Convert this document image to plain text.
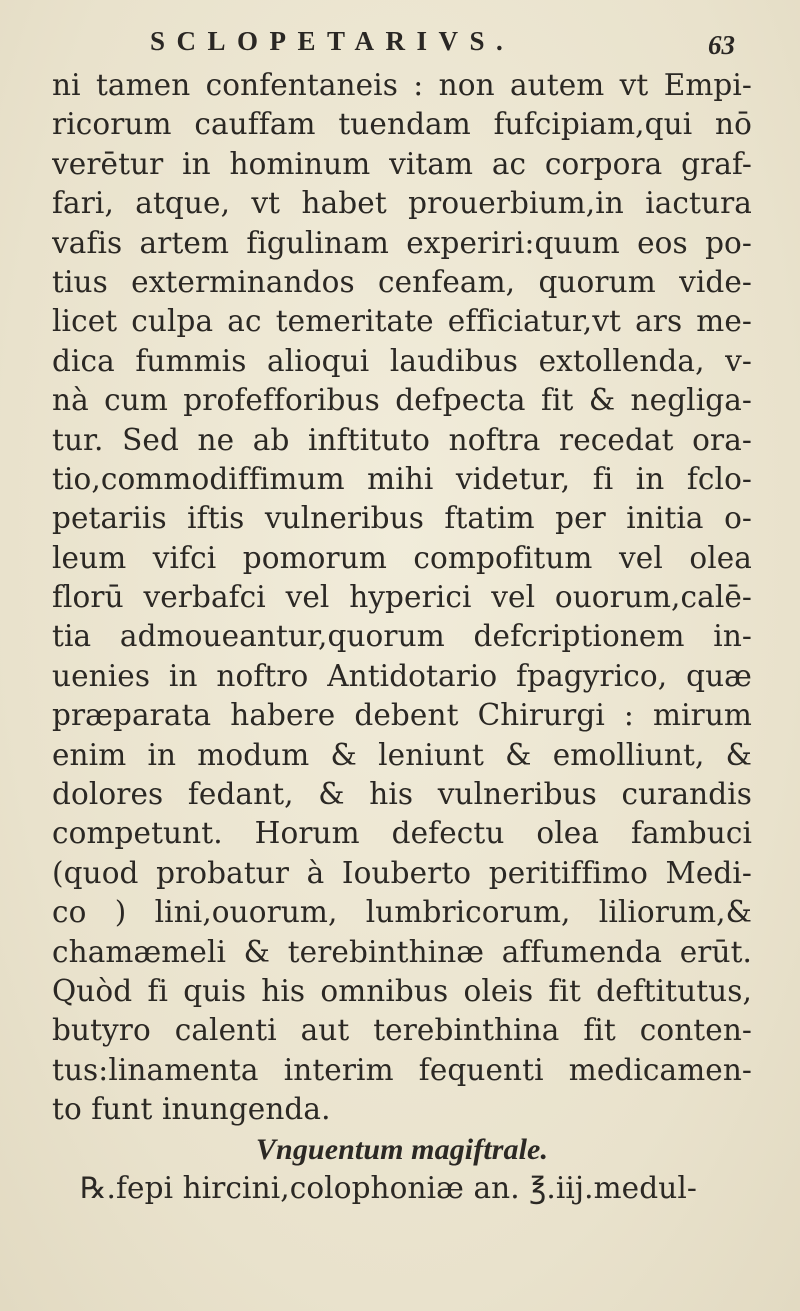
SCLOPETARIVS.	63
ni tamen confentaneis : non autem vt Empi-
ricorum cauffam tuendam fufcipiam,qui nō
verētur in hominum vitam ac corpora graf-
fari, atque, vt habet prouerbium,in iactura
vafis artem figulinam experiri:quum eos po-
tius exterminandos cenfeam, quorum vide-
licet culpa ac temeritate efficiatur,vt ars me-
dica fummis alioqui laudibus extollenda, v-
nà cum profefforibus defpecta fit & negliga-
tur. Sed ne ab inftituto noftra recedat ora-
tio,commodiffimum mihi videtur, fi in fclo-
petariis iftis vulneribus ftatim per initia o-
leum vifci pomorum compofitum vel olea
florū verbafci vel hyperici vel ouorum,calē-
tia admoueantur,quorum defcriptionem in-
uenies in noftro Antidotario fpagyrico, quæ
præparata habere debent Chirurgi : mirum
enim in modum & leniunt & emolliunt, &
dolores fedant, & his vulneribus curandis
competunt. Horum defectu olea fambuci
(quod probatur à Iouberto peritiffimo Medi-
co ) lini,ouorum, lumbricorum, liliorum,&
chamæmeli & terebinthinæ affumenda erūt.
Quòd fi quis his omnibus oleis fit deftitutus,
butyro calenti aut terebinthina fit conten-
tus:linamenta interim fequenti medicamen-
to funt inungenda.
Vnguentum magiftrale.
℞.fepi hircini,colophoniæ an. ℥.iij.medul-
